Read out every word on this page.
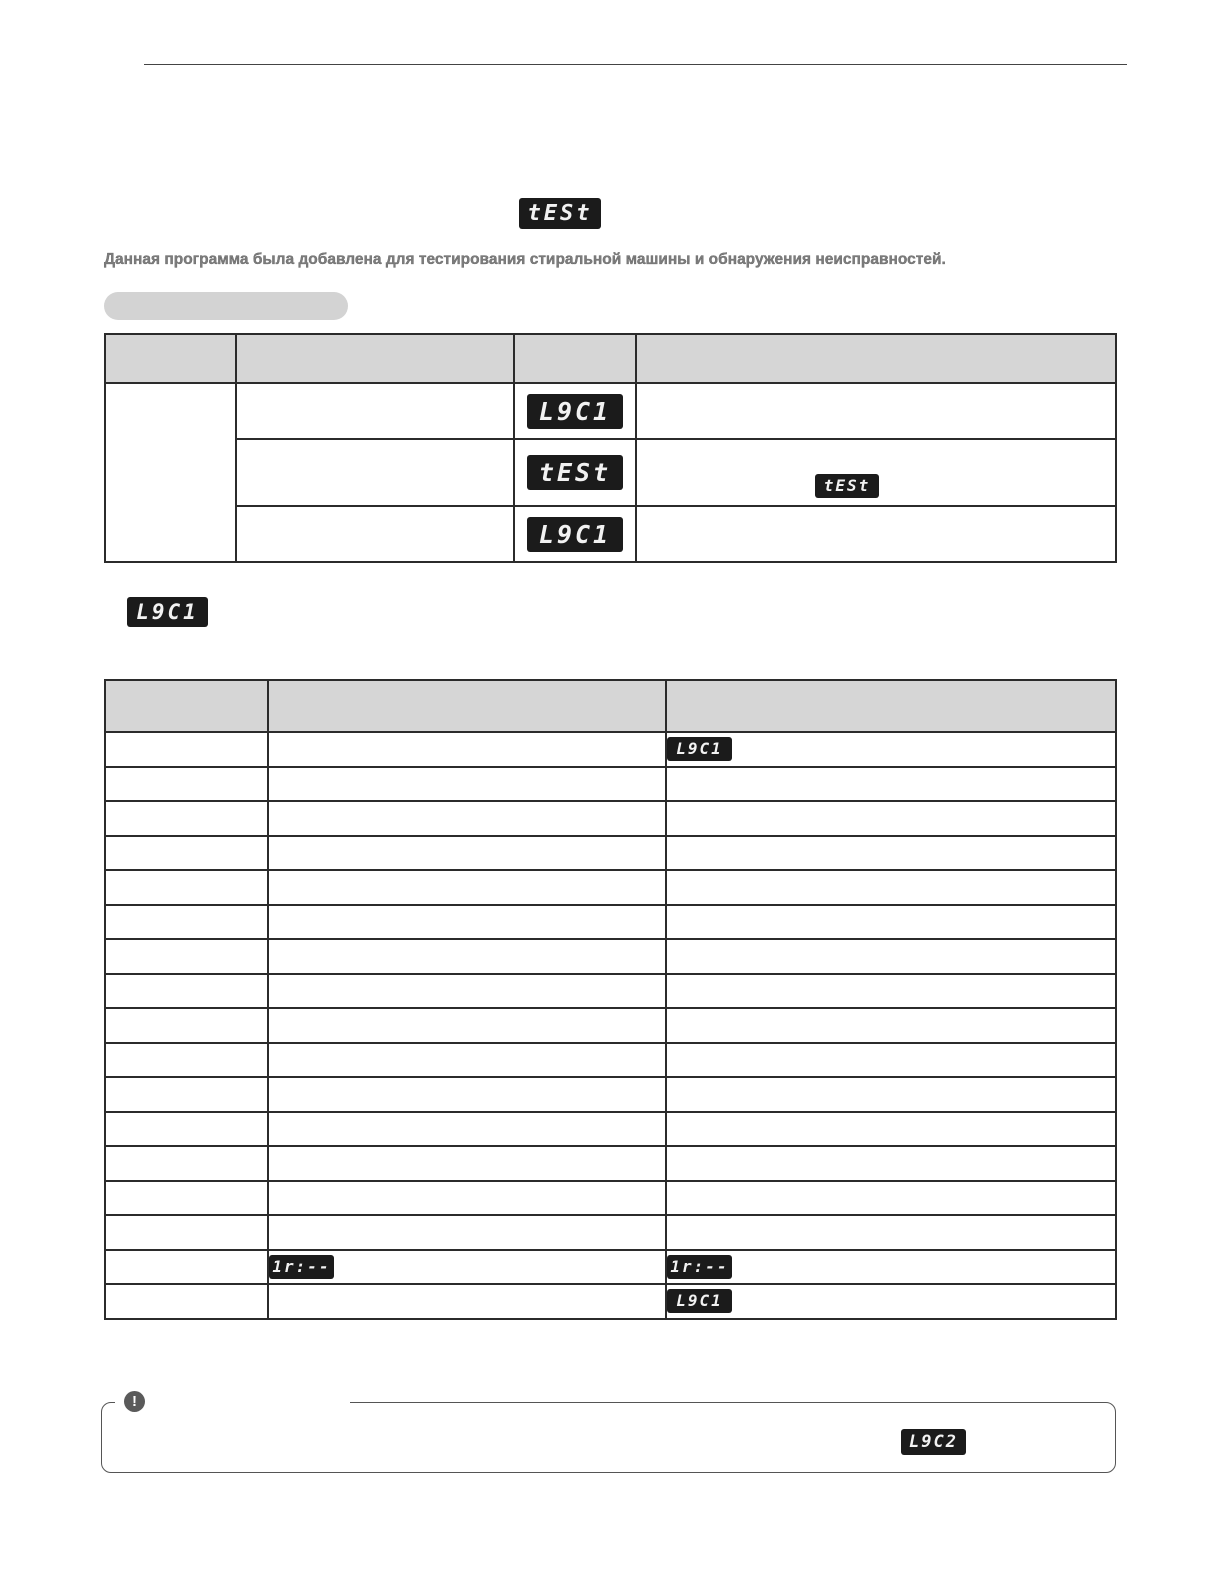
tESt

Данная программа была добавлена для тестирования стиральной машины и обнаружения неисправностей.

		L9C1	
		tESt	tESt

		L9C1	
L9C1

		L9C1

	1r:--	1r:--
		L9C1
!
L9C2
